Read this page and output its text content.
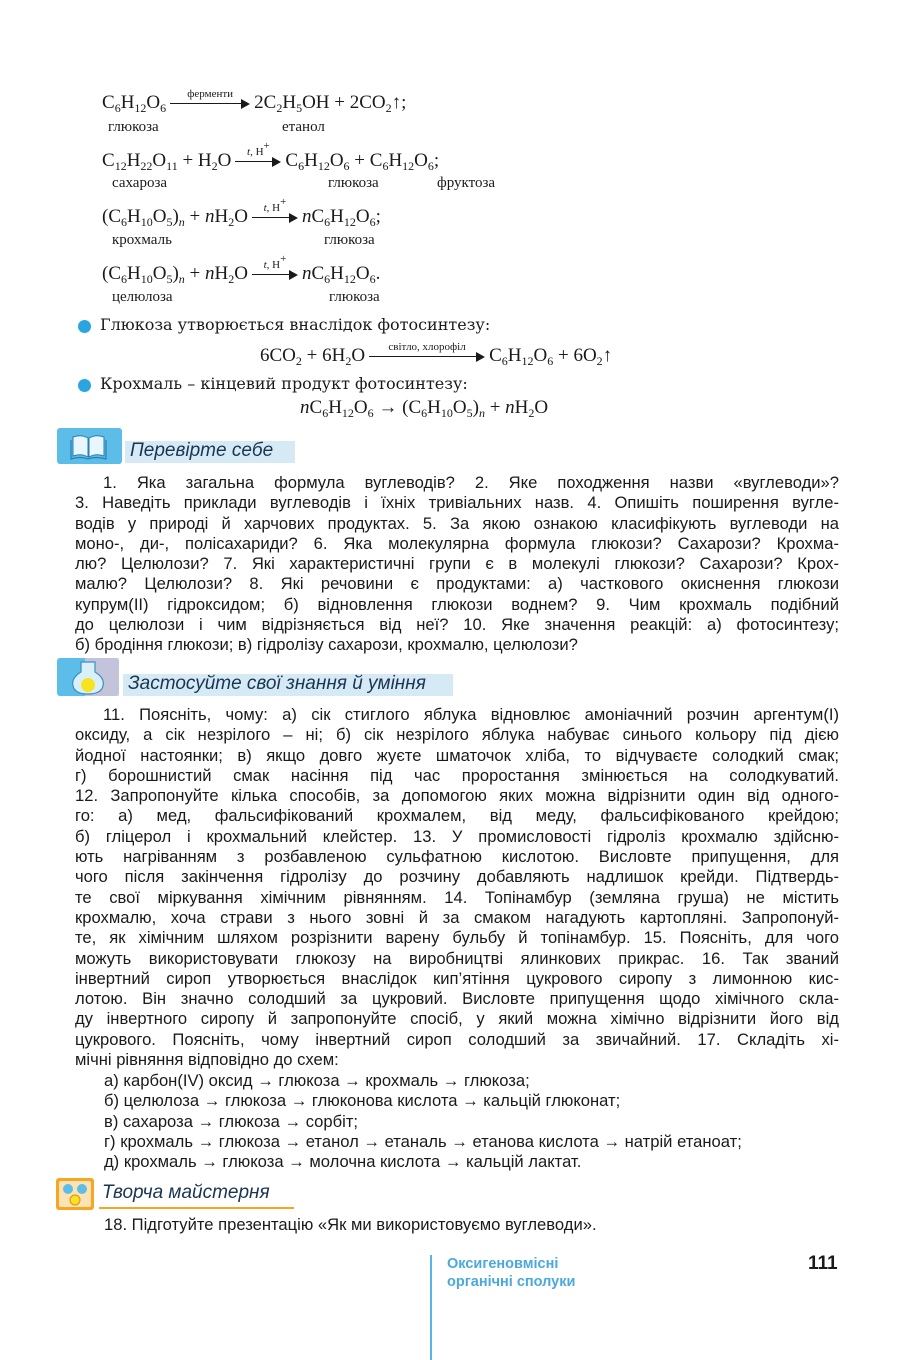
$C_6H_{12}O_6$
ферменти	$2C_2H_5OH$ + $2CO_2↑$;
глюкоза	етанол
$C_{12}H_{22}O_{11} + H_2O$	t, H+
$C_6H_{12}O_6 + C_6H_{12}O_6$;
сахароза	глюкоза	фруктоза
$(C_6H_{10}O_5)_n + nH_2O$	t, H+
$nC_6H_{12}O_6$;
крохмаль	глюкоза
$(C_6H_{10}O_5)_n + nH_2O$	t, H+
$nC_6H_{12}O_6$.
целюлоза	глюкоза
Глюкоза утворюється внаслідок фотосинтезу:
$6CO_2 + 6H_2O$	світло, хлорофіл	$C_6H_{12}O_6$ + $6O_2↑$
Крохмаль – кінцевий продукт фотосинтезу:
$nC_6H_{12}O_6 \to (C_6H_{10}O_5)_n + nH_2O$
Перевірте себе
1. Яка загальна формула вуглеводів? 2. Яке походження назви «вуглеводи»?
3. Наведіть приклади вуглеводів і їхніх тривіальних назв. 4. Опишіть поширення вугле-
водів у природі й харчових продуктах. 5. За якою ознакою класифікують вуглеводи на
моно-, ди-, полісахариди? 6. Яка молекулярна формула глюкози? Сахарози? Крохма-
лю? Целюлози? 7. Які характеристичні групи є в молекулі глюкози? Сахарози? Крох-
малю? Целюлози? 8. Які речовини є продуктами: а) часткового окиснення глюкози
купрум(ІІ) гідроксидом; б) відновлення глюкози воднем? 9. Чим крохмаль подібний
до целюлози і чим відрізняється від неї? 10. Яке значення реакцій: а) фотосинтезу;
б) бродіння глюкози; в) гідролізу сахарози, крохмалю, целюлози?
Застосуйте свої знання й уміння
11. Поясніть, чому: а) сік стиглого яблука відновлює амоніачний розчин аргентум(І)
оксиду, а сік незрілого – ні; б) сік незрілого яблука набуває синього кольору під дією
йодної настоянки; в) якщо довго жуєте шматочок хліба, то відчуваєте солодкий смак;
г) борошнистий смак насіння під час проростання змінюється на солодкуватий.
12. Запропонуйте кілька способів, за допомогою яких можна відрізнити один від одного-
го: а) мед, фальсифікований крохмалем, від меду, фальсифікованого крейдою;
б) гліцерол і крохмальний клейстер. 13. У промисловості гідроліз крохмалю здійсню-
ють нагріванням з розбавленою сульфатною кислотою. Висловте припущення, для
чого після закінчення гідролізу до розчину добавляють надлишок крейди. Підтвердь-
те свої міркування хімічним рівнянням. 14. Топінамбур (земляна груша) не містить
крохмалю, хоча страви з нього зовні й за смаком нагадують картопляні. Запропонуй-
те, як хімічним шляхом розрізнити варену бульбу й топінамбур. 15. Поясніть, для чого
можуть використовувати глюкозу на виробництві ялинкових прикрас. 16. Так званий
інвертний сироп утворюється внаслідок кип’ятіння цукрового сиропу з лимонною кис-
лотою. Він значно солодший за цукровий. Висловте припущення щодо хімічного скла-
ду інвертного сиропу й запропонуйте спосіб, у який можна хімічно відрізнити його від
цукрового. Поясніть, чому інвертний сироп солодший за звичайний. 17. Складіть хі-
мічні рівняння відповідно до схем:
а) карбон(IV) оксид → глюкоза → крохмаль → глюкоза;
б) целюлоза → глюкоза → глюконова кислота → кальцій глюконат;
в) сахароза → глюкоза → сорбіт;
г) крохмаль → глюкоза → етанол → етаналь → етанова кислота → натрій етаноат;
д) крохмаль → глюкоза → молочна кислота → кальцій лактат.
Творча майстерня
18. Підготуйте презентацію «Як ми використовуємо вуглеводи».
Оксигеновмісні
органічні сполуки
111
